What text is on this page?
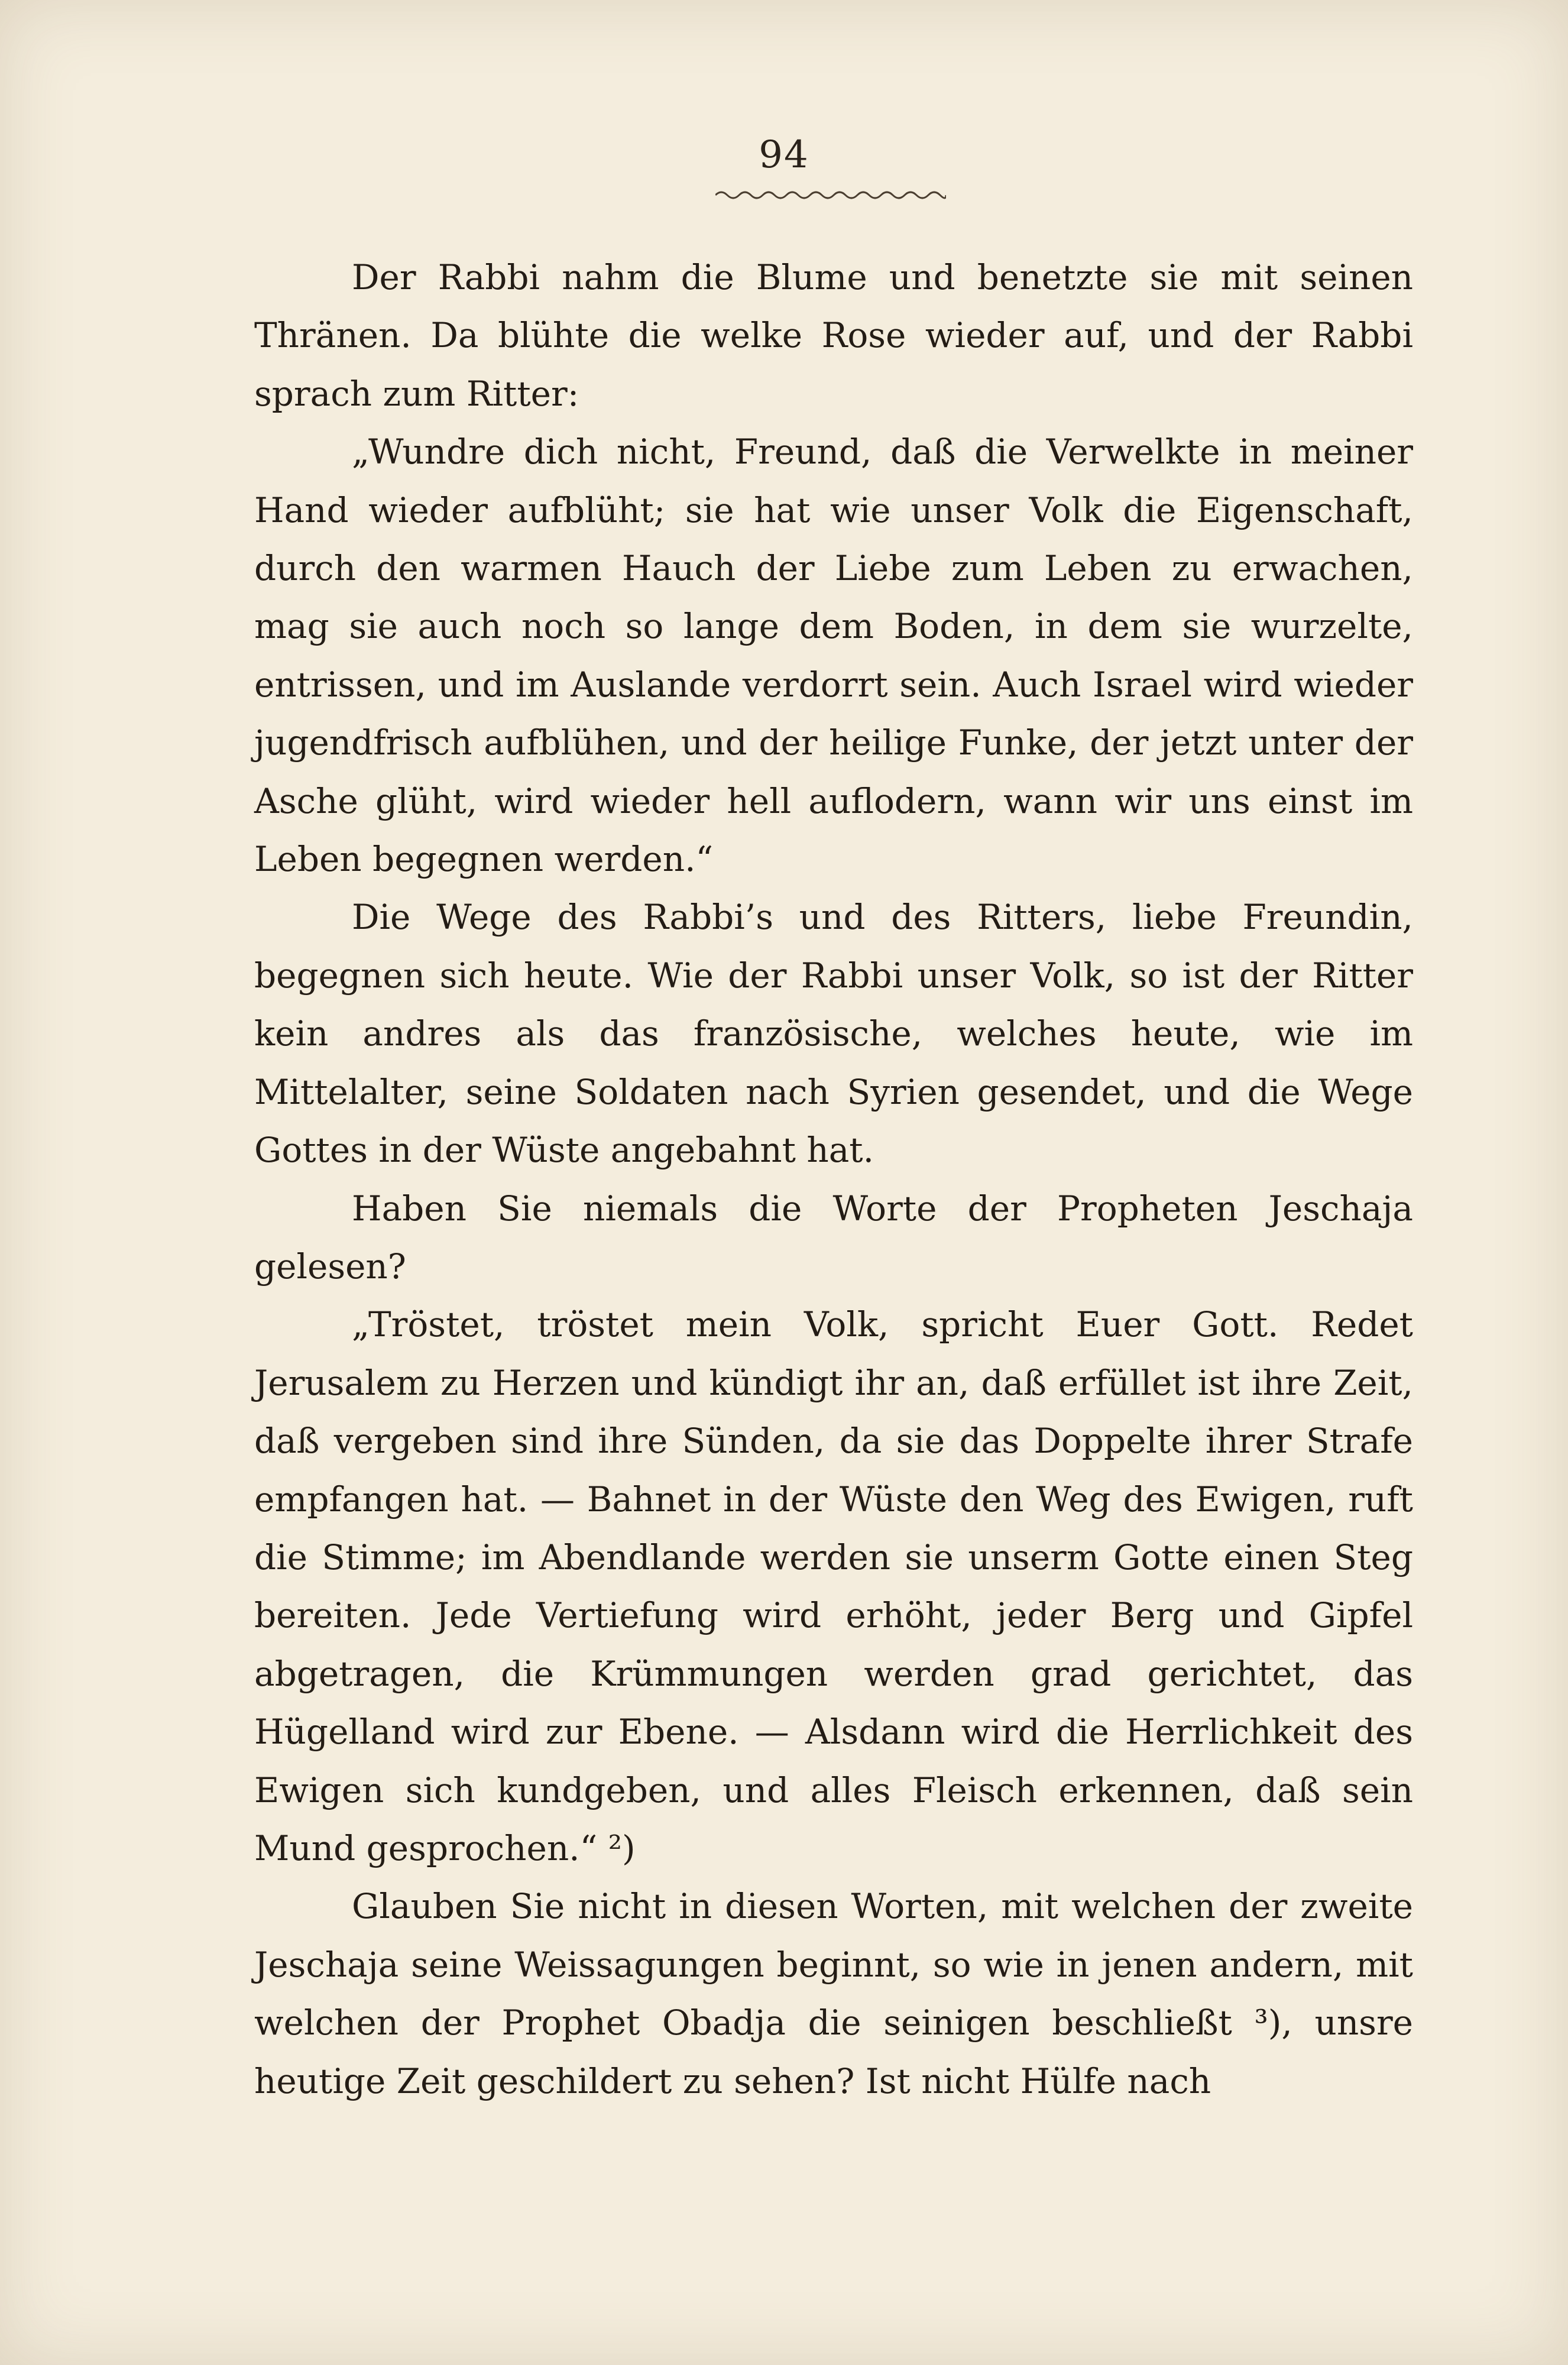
94

Der Rabbi nahm die Blume und benetzte sie mit seinen Thränen. Da blühte die welke Rose wieder auf, und der Rabbi sprach zum Ritter:

„Wundre dich nicht, Freund, daß die Verwelkte in meiner Hand wieder aufblüht; sie hat wie unser Volk die Eigenschaft, durch den warmen Hauch der Liebe zum Leben zu erwachen, mag sie auch noch so lange dem Boden, in dem sie wurzelte, entrissen, und im Auslande verdorrt sein. Auch Israel wird wieder jugendfrisch aufblühen, und der heilige Funke, der jetzt unter der Asche glüht, wird wieder hell auflodern, wann wir uns einst im Leben begegnen werden.“

Die Wege des Rabbi’s und des Ritters, liebe Freundin, begegnen sich heute. Wie der Rabbi unser Volk, so ist der Ritter kein andres als das französische, welches heute, wie im Mittelalter, seine Soldaten nach Syrien gesendet, und die Wege Gottes in der Wüste angebahnt hat.

Haben Sie niemals die Worte der Propheten Jeschaja gelesen?

„Tröstet, tröstet mein Volk, spricht Euer Gott. Redet Jerusalem zu Herzen und kündigt ihr an, daß erfüllet ist ihre Zeit, daß vergeben sind ihre Sünden, da sie das Doppelte ihrer Strafe empfangen hat. — Bahnet in der Wüste den Weg des Ewigen, ruft die Stimme; im Abendlande werden sie unserm Gotte einen Steg bereiten. Jede Vertiefung wird erhöht, jeder Berg und Gipfel abgetragen, die Krümmungen werden grad gerichtet, das Hügelland wird zur Ebene. — Alsdann wird die Herrlichkeit des Ewigen sich kundgeben, und alles Fleisch erkennen, daß sein Mund gesprochen.“ ²)

Glauben Sie nicht in diesen Worten, mit welchen der zweite Jeschaja seine Weissagungen beginnt, so wie in jenen andern, mit welchen der Prophet Obadja die seinigen beschließt ³), unsre heutige Zeit geschildert zu sehen? Ist nicht Hülfe nach
